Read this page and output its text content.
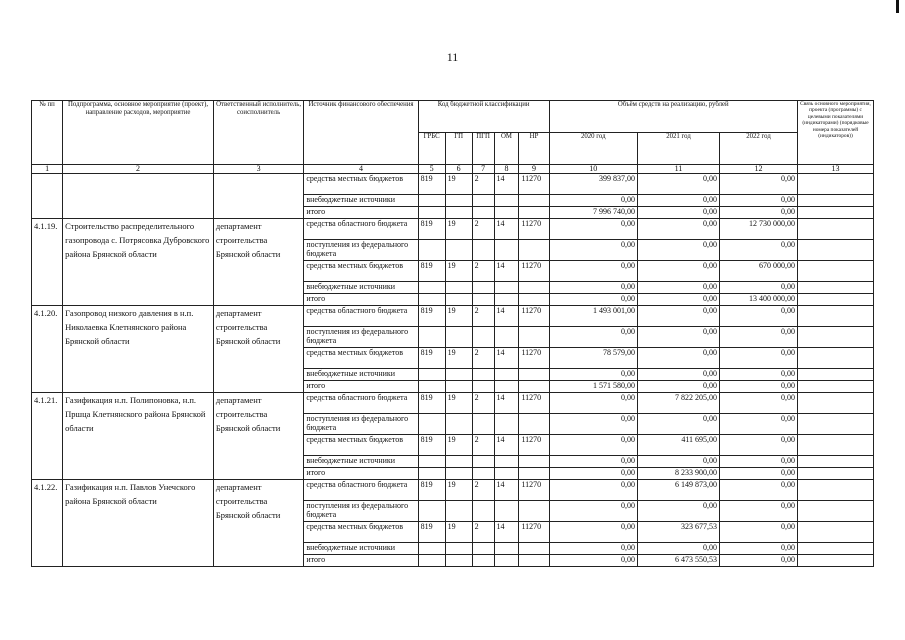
11
№ пп	Подпрограмма, основное мероприятие (проект), направление расходов, мероприятие	Ответственный исполнитель, соисполнитель	Источник финансового обеспечения	Код бюджетной классификации					Объём средств на реализацию, рублей			Связь основного мероприятия, проекта (программы) с целевыми показателями (индикаторами) (порядковые номера показателей (индикаторов))
				ГРБС	ГП	ПГП	ОМ	НР	2020 год	2021 год	2022 год	
1	2	3	4	5	6	7	8	9	10	11	12	13
			средства местных бюджетов	819	19	2	14	11270	399 837,00	0,00	0,00	
			внебюджетные источники						0,00	0,00	0,00	
			итого						7 996 740,00	0,00	0,00	
4.1.19.	Строительство распределительного газопровода с. Потрясовка Дубровского района Брянской области	департамент строительства Брянской области	средства областного бюджета	819	19	2	14	11270	0,00	0,00	12 730 000,00	
			поступления из федерального бюджета						0,00	0,00	0,00	
			средства местных бюджетов	819	19	2	14	11270	0,00	0,00	670 000,00	
			внебюджетные источники						0,00	0,00	0,00	
			итого						0,00	0,00	13 400 000,00	
4.1.20.	Газопровод низкого давления в н.п. Николаевка Клетнянского района Брянской области	департамент строительства Брянской области	средства областного бюджета	819	19	2	14	11270	1 493 001,00	0,00	0,00	
			поступления из федерального бюджета						0,00	0,00	0,00	
			средства местных бюджетов	819	19	2	14	11270	78 579,00	0,00	0,00	
			внебюджетные источники						0,00	0,00	0,00	
			итого						1 571 580,00	0,00	0,00	
4.1.21.	Газификация н.п. Полипоновка, н.п. Пршца Клетнянского района Брянской области	департамент строительства Брянской области	средства областного бюджета	819	19	2	14	11270	0,00	7 822 205,00	0,00	
			поступления из федерального бюджета						0,00	0,00	0,00	
			средства местных бюджетов	819	19	2	14	11270	0,00	411 695,00	0,00	
			внебюджетные источники						0,00	0,00	0,00	
			итого						0,00	8 233 900,00	0,00	
4.1.22.	Газификация н.п. Павлов Унечского района Брянской области	департамент строительства Брянской области	средства областного бюджета	819	19	2	14	11270	0,00	6 149 873,00	0,00	
			поступления из федерального бюджета						0,00	0,00	0,00	
			средства местных бюджетов	819	19	2	14	11270	0,00	323 677,53	0,00	
			внебюджетные источники						0,00	0,00	0,00	
			итого						0,00	6 473 550,53	0,00	
